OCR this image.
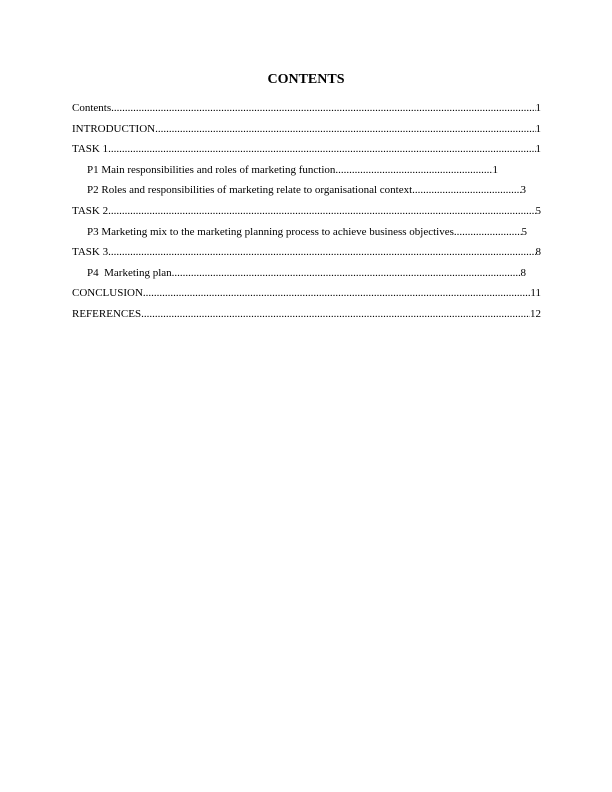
CONTENTS
Contents .....	1
INTRODUCTION .....	1
TASK 1 .....	1
P1 Main responsibilities and roles of marketing function .....	1
P2 Roles and responsibilities of marketing relate to organisational context .....	3
TASK 2 .....	5
P3 Marketing mix to the marketing planning process to achieve business objectives .....	5
TASK 3 .....	8
P4  Marketing plan .....	8
CONCLUSION .....	11
REFERENCES .....	12
